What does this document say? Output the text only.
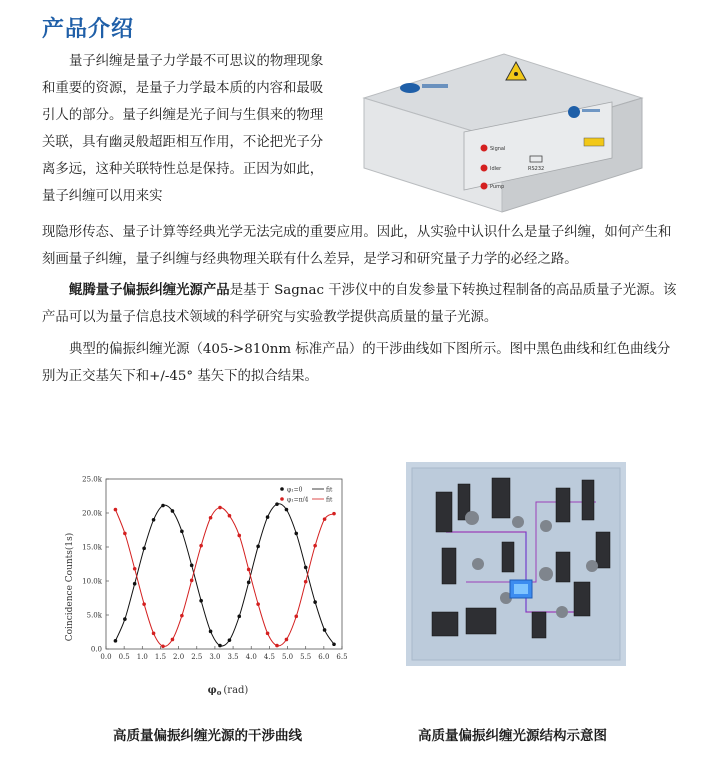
产品介绍
量子纠缠是量子力学最不可思议的物理现象和重要的资源，是量子力学最本质的内容和最吸引人的部分。量子纠缠是光子间与生俱来的物理关联，具有幽灵般超距相互作用，不论把光子分离多远，这种关联特性总是保持。正因为如此，量子纠缠可以用来实
Signal
Idler
Pump
RS232
现隐形传态、量子计算等经典光学无法完成的重要应用。因此，从实验中认识什么是量子纠缠，如何产生和刻画量子纠缠，量子纠缠与经典物理关联有什么差异，是学习和研究量子力学的必经之路。
鲲腾量子偏振纠缠光源产品是基于 Sagnac 干涉仪中的自发参量下转换过程制备的高品质量子光源。该产品可以为量子信息技术领域的科学研究与实验教学提供高质量的量子光源。
典型的偏振纠缠光源（405->810nm 标准产品）的干涉曲线如下图所示。图中黑色曲线和红色曲线分别为正交基矢下和+/-45° 基矢下的拟合结果。
0.0
5.0k
10.0k
15.0k
20.0k
25.0k
0.0 0.5 1.0 1.5 2.0 2.5 3.0 3.5 4.0 4.5 5.0 5.5 6.0 6.5
φ₁=0	fit
φ₁=π/4	fit
Coincidence Counts(1s)
$\varphi_o$ (rad)
高质量偏振纠缠光源的干涉曲线	高质量偏振纠缠光源结构示意图
